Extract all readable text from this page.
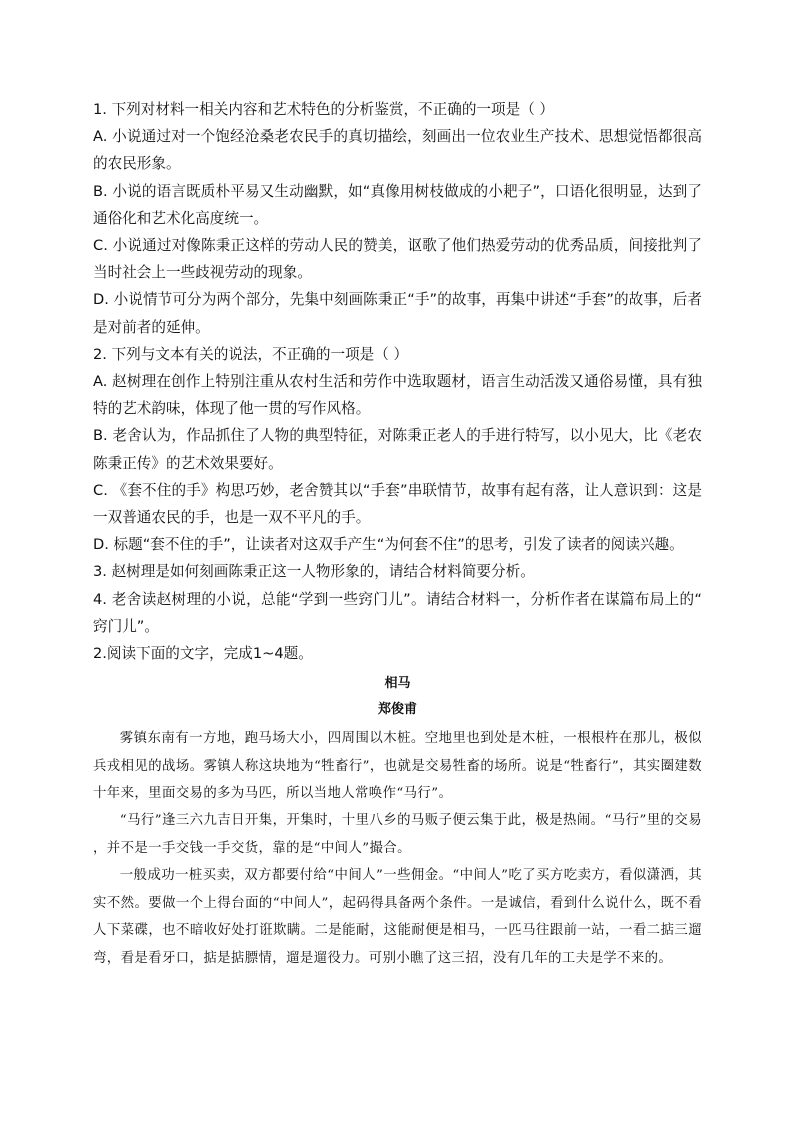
1. 下列对材料一相关内容和艺术特色的分析鉴赏，不正确的一项是（ ）

A. 小说通过对一个饱经沧桑老农民手的真切描绘，刻画出一位农业生产技术、思想觉悟都很高的农民形象。

B. 小说的语言既质朴平易又生动幽默，如“真像用树枝做成的小耙子”，口语化很明显，达到了通俗化和艺术化高度统一。

C. 小说通过对像陈秉正这样的劳动人民的赞美，讴歌了他们热爱劳动的优秀品质，间接批判了当时社会上一些歧视劳动的现象。

D. 小说情节可分为两个部分，先集中刻画陈秉正“手”的故事，再集中讲述“手套”的故事，后者是对前者的延伸。

2. 下列与文本有关的说法，不正确的一项是（ ）

A. 赵树理在创作上特别注重从农村生活和劳作中选取题材，语言生动活泼又通俗易懂，具有独特的艺术韵味，体现了他一贯的写作风格。

B. 老舍认为，作品抓住了人物的典型特征，对陈秉正老人的手进行特写，以小见大，比《老农陈秉正传》的艺术效果要好。

C. 《套不住的手》构思巧妙，老舍赞其以“手套”串联情节，故事有起有落，让人意识到：这是一双普通农民的手，也是一双不平凡的手。

D. 标题“套不住的手”，让读者对这双手产生“为何套不住”的思考，引发了读者的阅读兴趣。

3. 赵树理是如何刻画陈秉正这一人物形象的，请结合材料简要分析。

4. 老舍读赵树理的小说，总能“学到一些窍门儿”。请结合材料一，分析作者在谋篇布局上的“窍门儿”。

2.阅读下面的文字，完成1~4题。

相马
郑俊甫

雾镇东南有一方地，跑马场大小，四周围以木桩。空地里也到处是木桩，一根根杵在那儿，极似兵戎相见的战场。雾镇人称这块地为“牲畜行”，也就是交易牲畜的场所。说是“牲畜行”，其实圈建数十年来，里面交易的多为马匹，所以当地人常唤作“马行”。

“马行”逢三六九吉日开集，开集时，十里八乡的马贩子便云集于此，极是热闹。“马行”里的交易，并不是一手交钱一手交货，靠的是“中间人”撮合。

一般成功一桩买卖，双方都要付给“中间人”一些佣金。“中间人”吃了买方吃卖方，看似潇洒，其实不然。要做一个上得台面的“中间人”，起码得具备两个条件。一是诚信，看到什么说什么，既不看人下菜碟，也不暗收好处打诳欺瞒。二是能耐，这能耐便是相马，一匹马往跟前一站，一看二掂三遛弯，看是看牙口，掂是掂膘情，遛是遛役力。可别小瞧了这三招，没有几年的工夫是学不来的。
